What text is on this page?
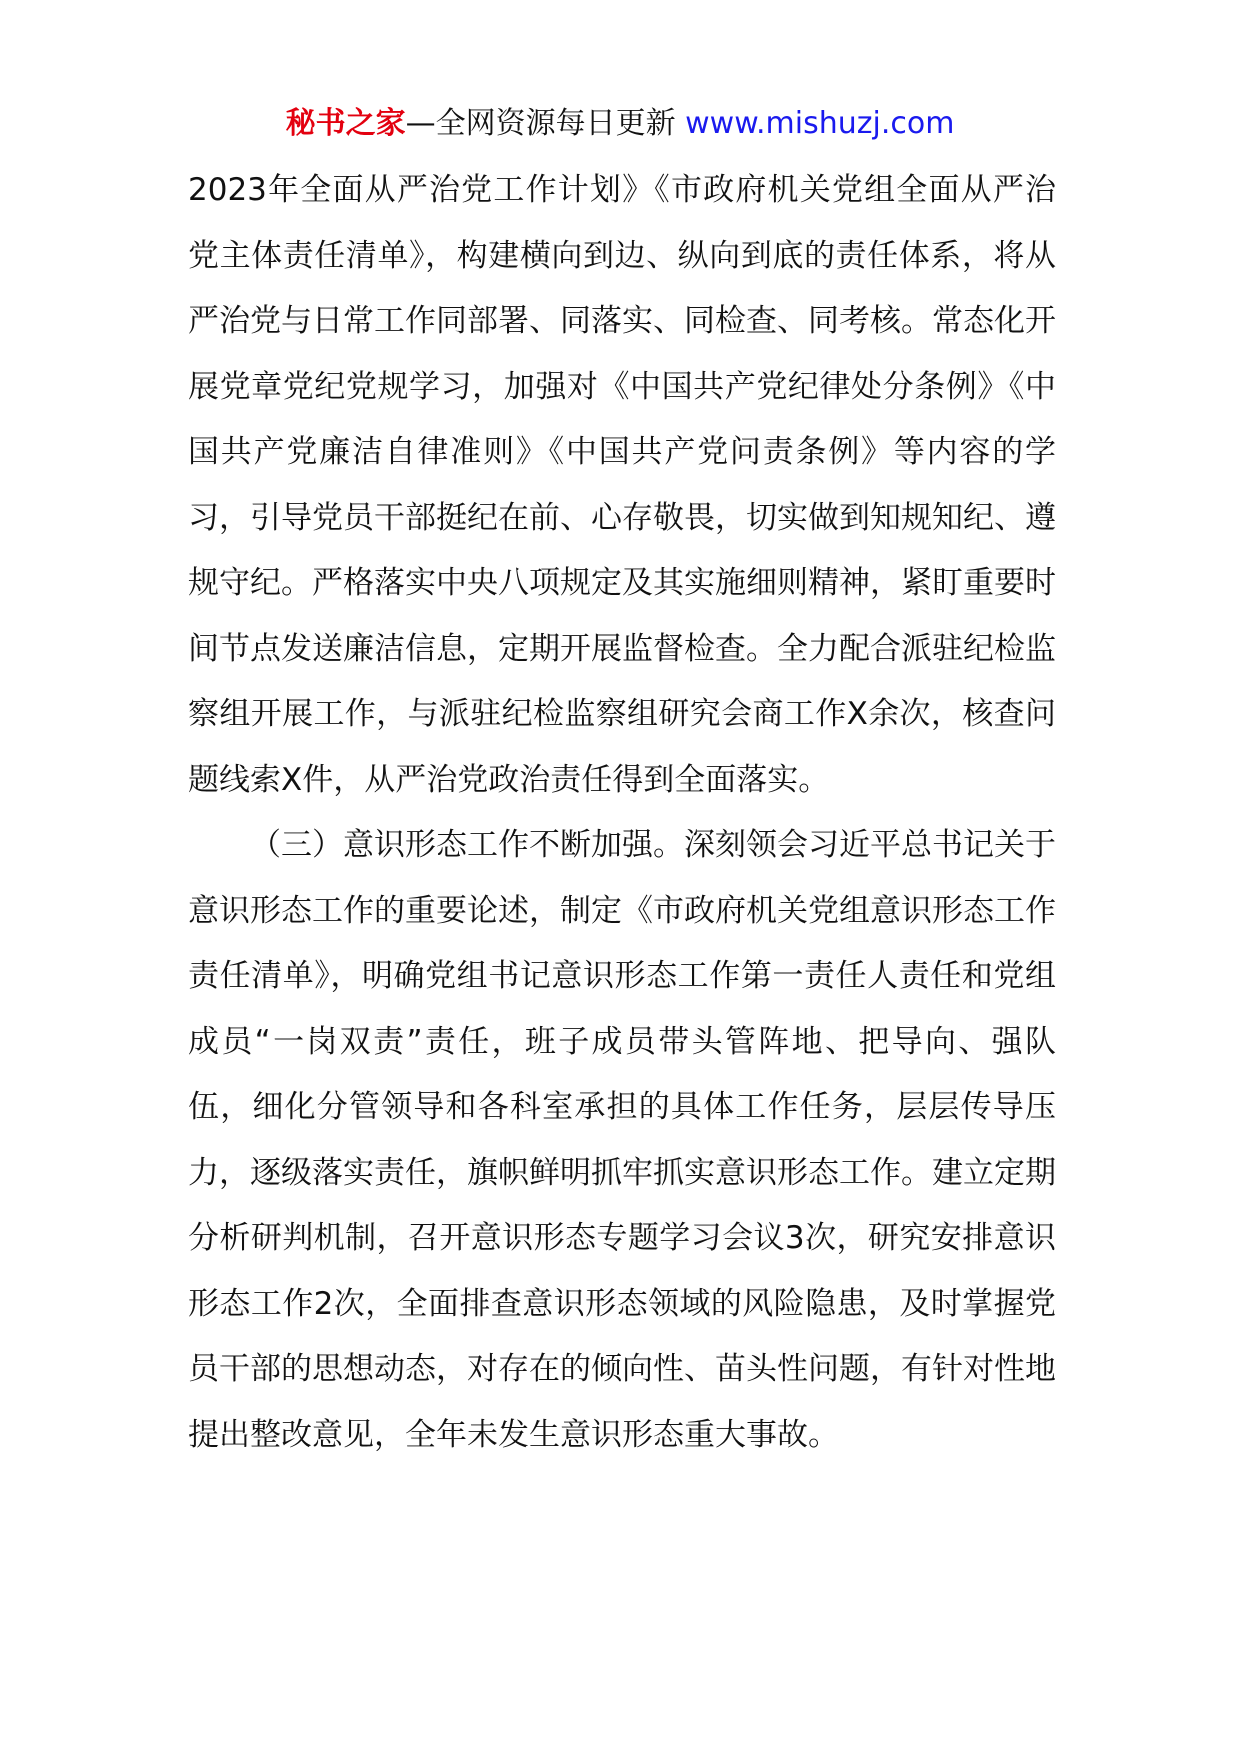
秘书之家—全网资源每日更新 www.mishuzj.com

2023年全面从严治党工作计划》《市政府机关党组全面从严治党主体责任清单》，构建横向到边、纵向到底的责任体系，将从严治党与日常工作同部署、同落实、同检查、同考核。常态化开展党章党纪党规学习，加强对《中国共产党纪律处分条例》《中国共产党廉洁自律准则》《中国共产党问责条例》等内容的学习，引导党员干部挺纪在前、心存敬畏，切实做到知规知纪、遵规守纪。严格落实中央八项规定及其实施细则精神，紧盯重要时间节点发送廉洁信息，定期开展监督检查。全力配合派驻纪检监察组开展工作，与派驻纪检监察组研究会商工作X余次，核查问题线索X件，从严治党政治责任得到全面落实。

（三）意识形态工作不断加强。深刻领会习近平总书记关于意识形态工作的重要论述，制定《市政府机关党组意识形态工作责任清单》，明确党组书记意识形态工作第一责任人责任和党组成员“一岗双责”责任，班子成员带头管阵地、把导向、强队伍，细化分管领导和各科室承担的具体工作任务，层层传导压力，逐级落实责任，旗帜鲜明抓牢抓实意识形态工作。建立定期分析研判机制，召开意识形态专题学习会议3次，研究安排意识形态工作2次，全面排查意识形态领域的风险隐患，及时掌握党员干部的思想动态，对存在的倾向性、苗头性问题，有针对性地提出整改意见，全年未发生意识形态重大事故。
